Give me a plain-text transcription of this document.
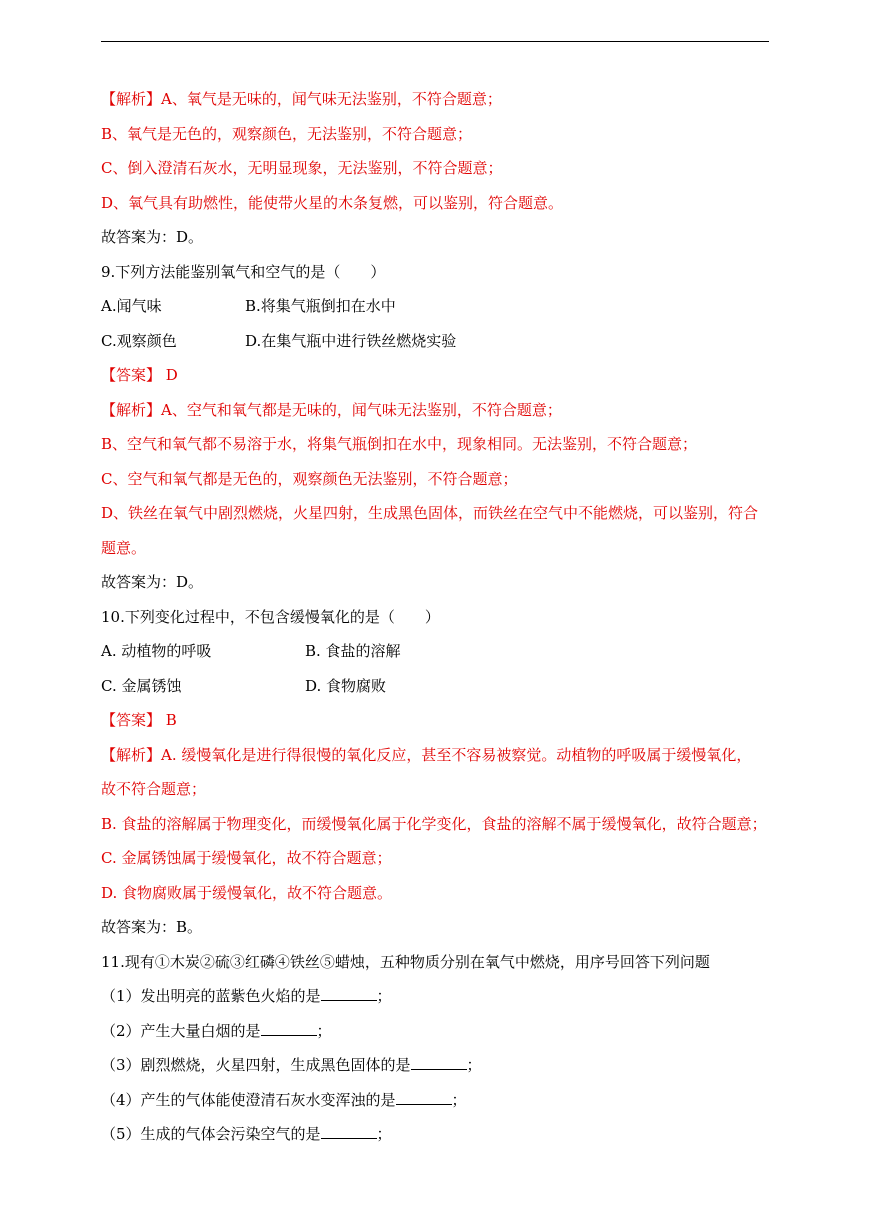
【解析】A、氧气是无味的，闻气味无法鉴别，不符合题意；
B、氧气是无色的，观察颜色，无法鉴别，不符合题意；
C、倒入澄清石灰水，无明显现象，无法鉴别，不符合题意；
D、氧气具有助燃性，能使带火星的木条复燃，可以鉴别，符合题意。
故答案为：D。
9.下列方法能鉴别氧气和空气的是（　　）
A.闻气味	B.将集气瓶倒扣在水中
C.观察颜色	D.在集气瓶中进行铁丝燃烧实验
【答案】 D
【解析】A、空气和氧气都是无味的，闻气味无法鉴别，不符合题意；
B、空气和氧气都不易溶于水，将集气瓶倒扣在水中，现象相同。无法鉴别，不符合题意；
C、空气和氧气都是无色的，观察颜色无法鉴别，不符合题意；
D、铁丝在氧气中剧烈燃烧，火星四射，生成黑色固体，而铁丝在空气中不能燃烧，可以鉴别，符合
题意。
故答案为：D。
10.下列变化过程中，不包含缓慢氧化的是（　　）
A. 动植物的呼吸	B. 食盐的溶解
C. 金属锈蚀	D. 食物腐败
【答案】 B
【解析】A. 缓慢氧化是进行得很慢的氧化反应，甚至不容易被察觉。动植物的呼吸属于缓慢氧化，
故不符合题意；
B. 食盐的溶解属于物理变化，而缓慢氧化属于化学变化，食盐的溶解不属于缓慢氧化，故符合题意；
C. 金属锈蚀属于缓慢氧化，故不符合题意；
D. 食物腐败属于缓慢氧化，故不符合题意。
故答案为：B。
11.现有①木炭②硫③红磷④铁丝⑤蜡烛，五种物质分别在氧气中燃烧，用序号回答下列问题
（1）发出明亮的蓝紫色火焰的是	；
（2）产生大量白烟的是	；
（3）剧烈燃烧，火星四射，生成黑色固体的是	；
（4）产生的气体能使澄清石灰水变浑浊的是	；
（5）生成的气体会污染空气的是	；
